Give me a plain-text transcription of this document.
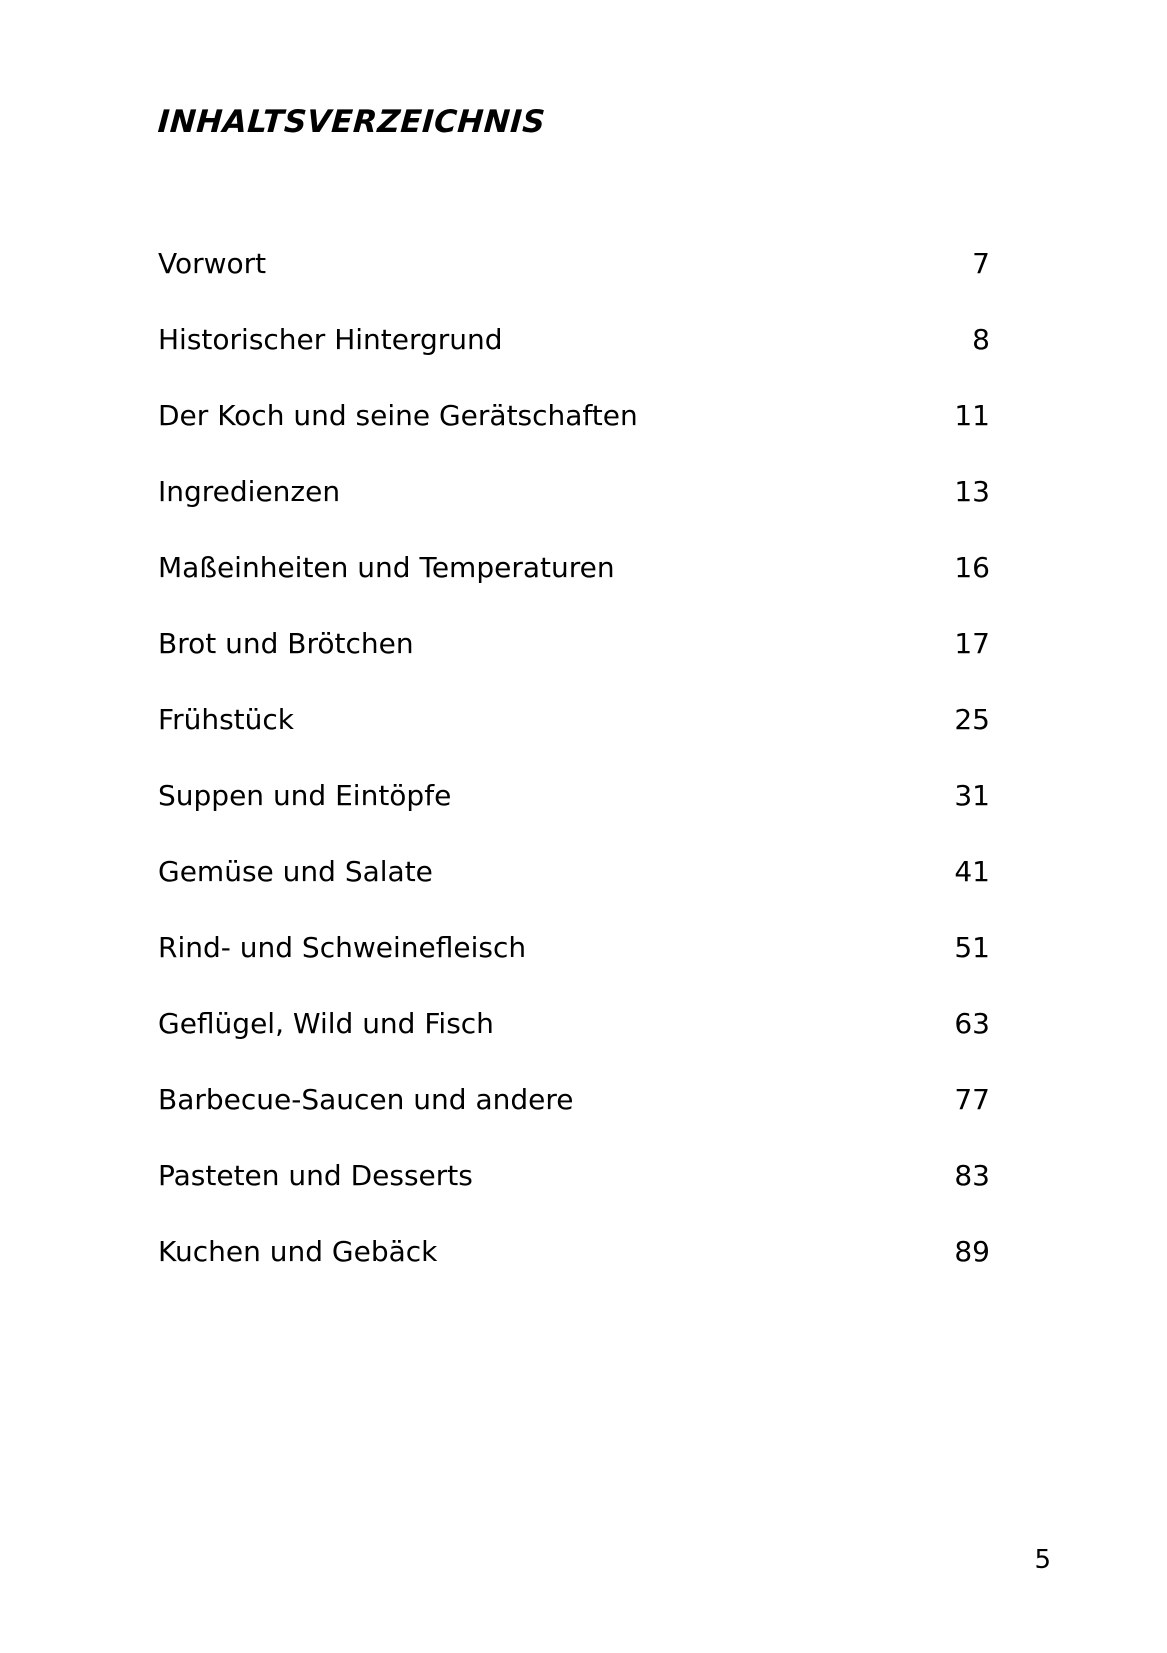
INHALTSVERZEICHNIS
Vorwort	7
Historischer Hintergrund	8
Der Koch und seine Gerätschaften	11
Ingredienzen	13
Maßeinheiten und Temperaturen	16
Brot und Brötchen	17
Frühstück	25
Suppen und Eintöpfe	31
Gemüse und Salate	41
Rind- und Schweinefleisch	51
Geflügel, Wild und Fisch	63
Barbecue-Saucen und andere	77
Pasteten und Desserts	83
Kuchen und Gebäck	89
5
